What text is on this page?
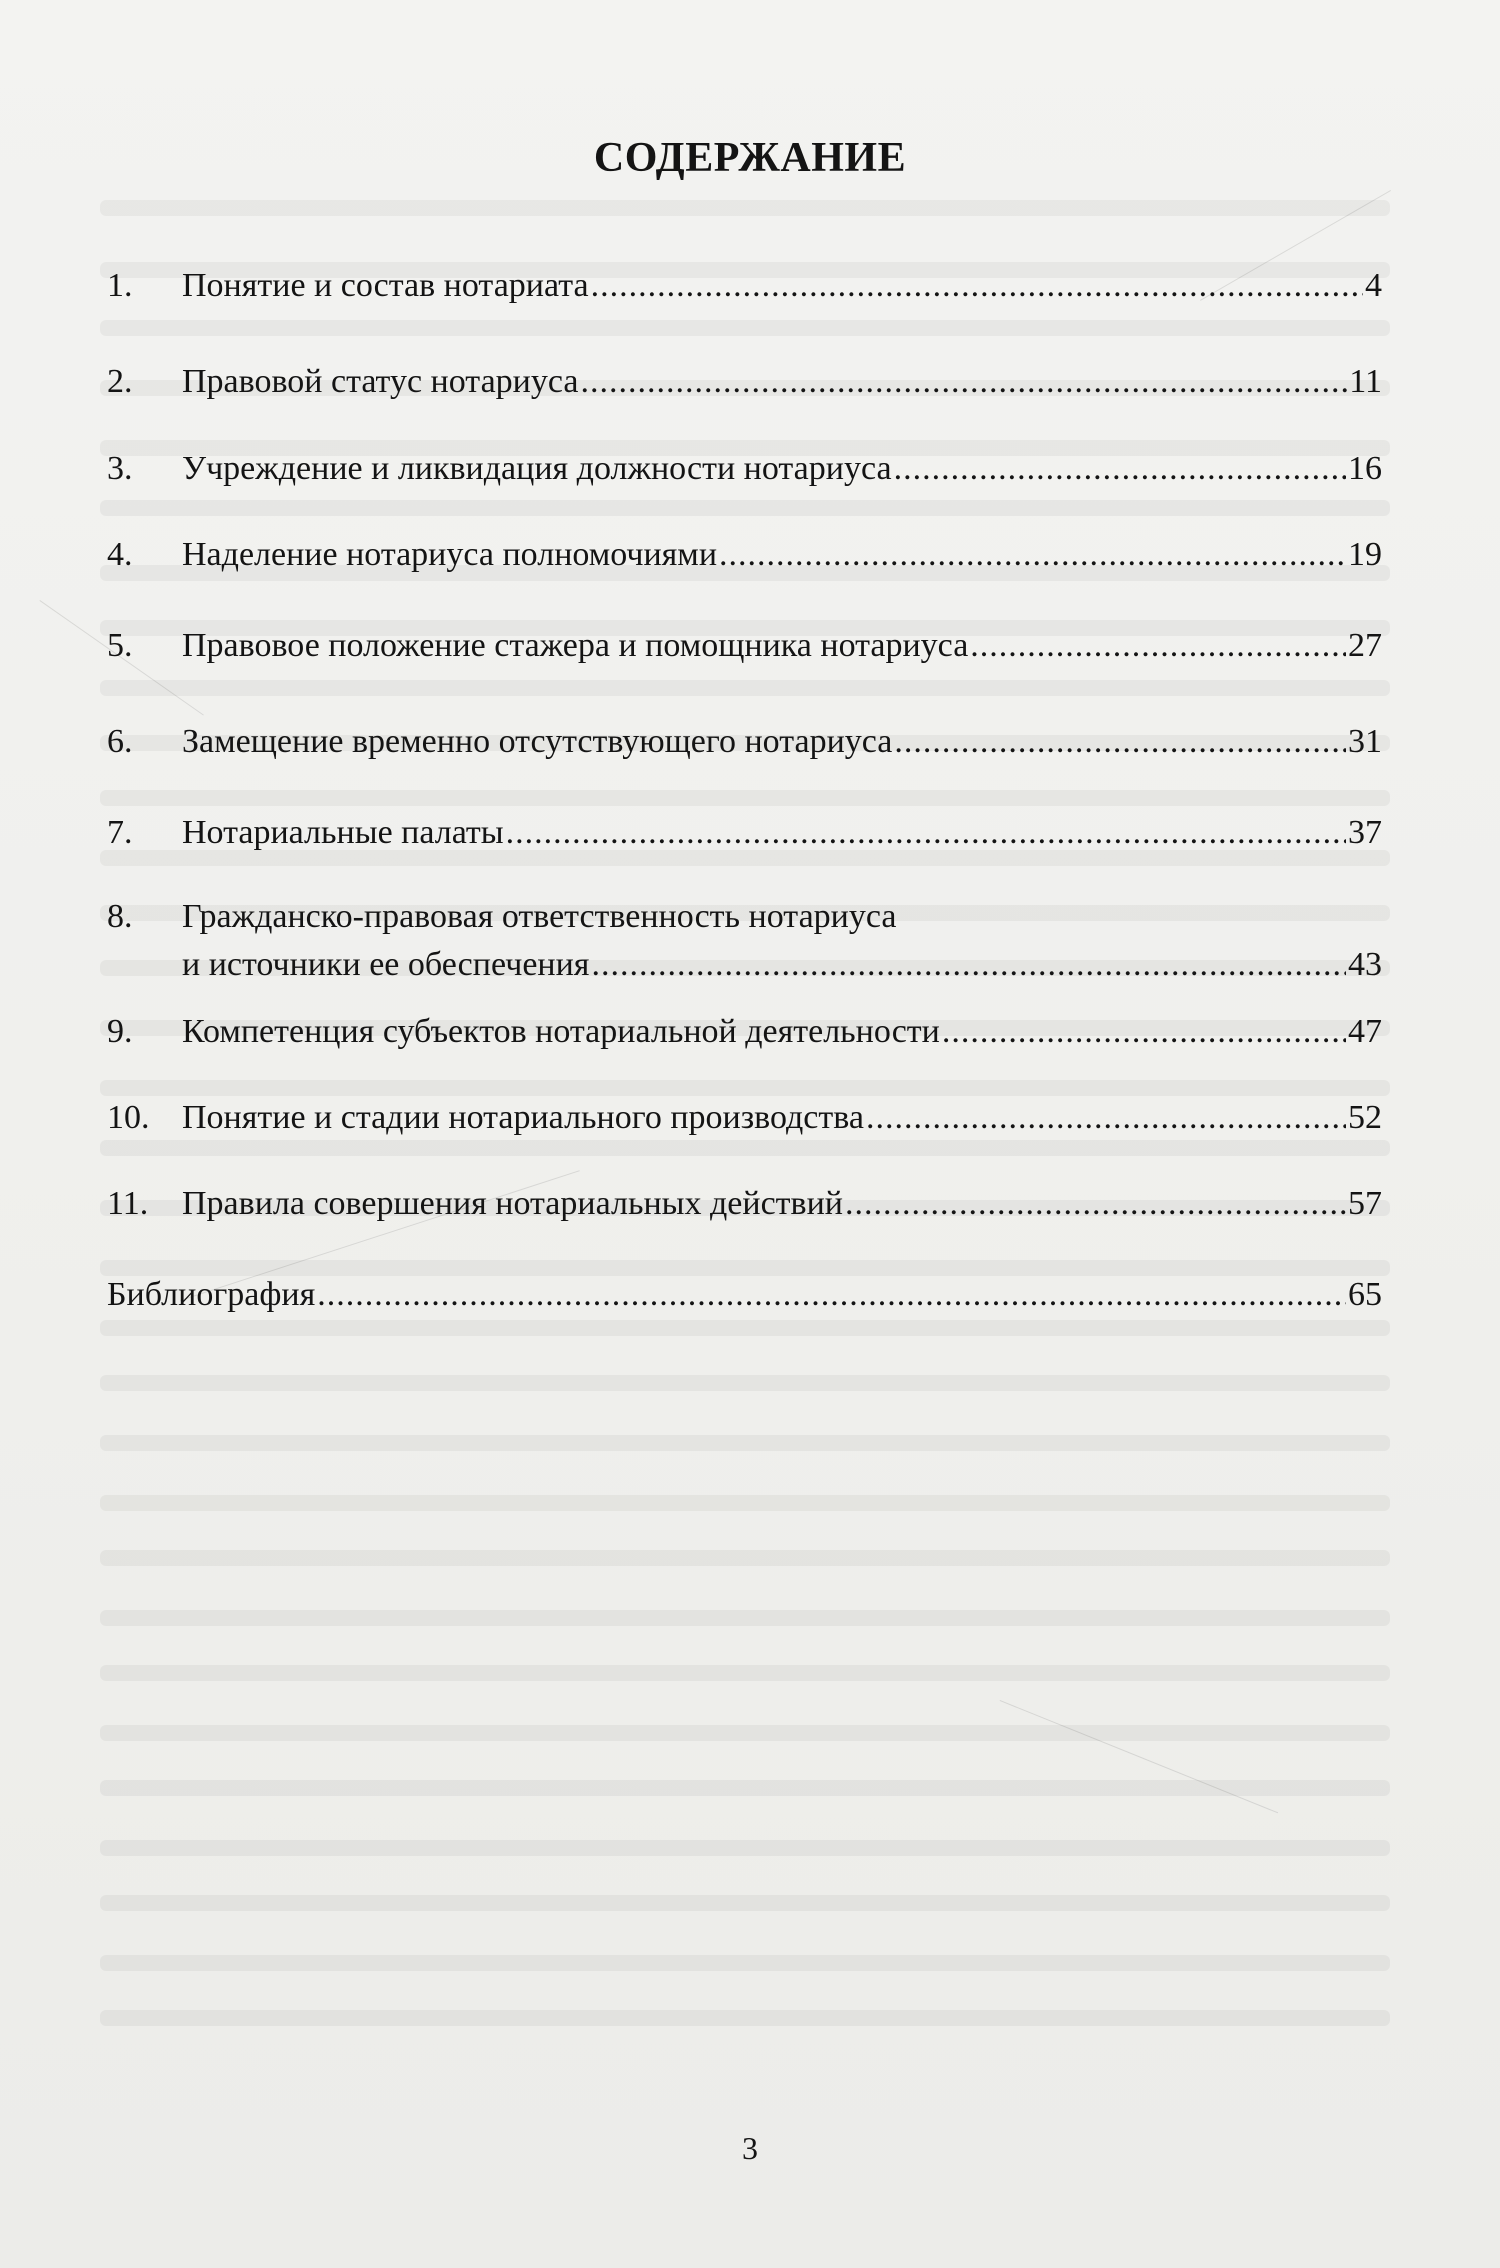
СОДЕРЖАНИЕ
1.	Понятие и состав нотариата .....	4
2.	Правовой статус нотариуса .....	11
3.	Учреждение и ликвидация должности нотариуса .....	16
4.	Наделение нотариуса полномочиями .....	19
5.	Правовое положение стажера и помощника нотариуса .....	27
6.	Замещение временно отсутствующего нотариуса .....	31
7.	Нотариальные палаты .....	37
8.	Гражданско-правовая ответственность нотариуса
и источники ее обеспечения .....	43
9.	Компетенция субъектов нотариальной деятельности .....	47
10. Понятие и стадии нотариального производства .....	52
11. Правила совершения нотариальных действий .....	57
Библиография .....	65
3
